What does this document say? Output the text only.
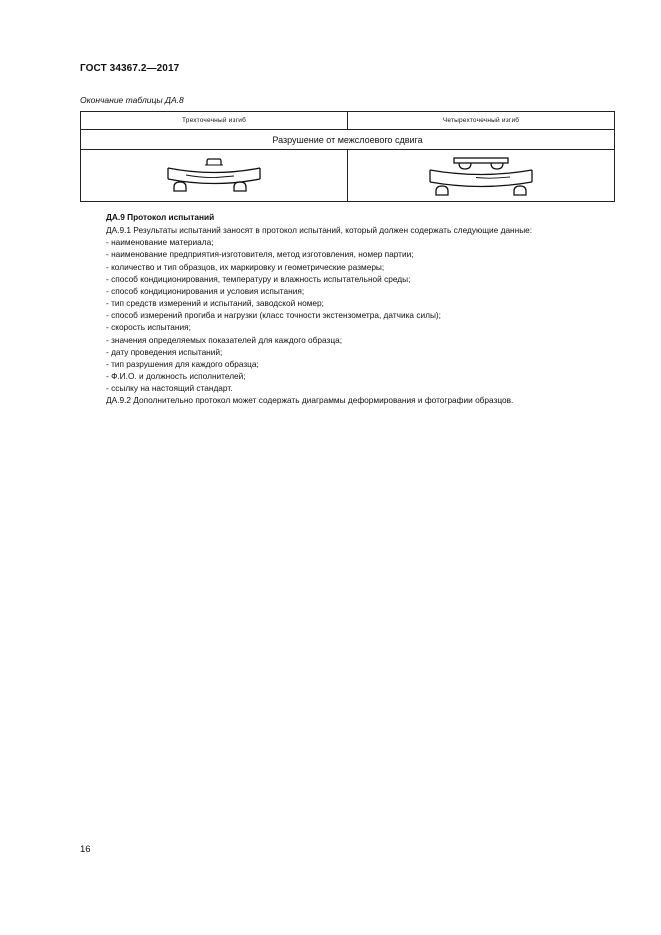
ГОСТ 34367.2—2017
Окончание таблицы ДА.8
Трехточечный изгиб	Четырехточечный изгиб
Разрушение от межслоевого сдвига	

ДА.9 Протокол испытаний

ДА.9.1 Результаты испытаний заносят в протокол испытаний, который должен содержать следующие данные:

- наименование материала;
- наименование предприятия-изготовителя, метод изготовления, номер партии;
- количество и тип образцов, их маркировку и геометрические размеры;
- способ кондиционирования, температуру и влажность испытательной среды;
- способ кондиционирования и условия испытания;
- тип средств измерений и испытаний, заводской номер;
- способ измерений прогиба и нагрузки (класс точности экстензометра, датчика силы);
- скорость испытания;
- значения определяемых показателей для каждого образца;
- дату проведения испытаний;
- тип разрушения для каждого образца;
- Ф.И.О. и должность исполнителей;
- ссылку на настоящий стандарт.

ДА.9.2 Дополнительно протокол может содержать диаграммы деформирования и фотографии образцов.

16
